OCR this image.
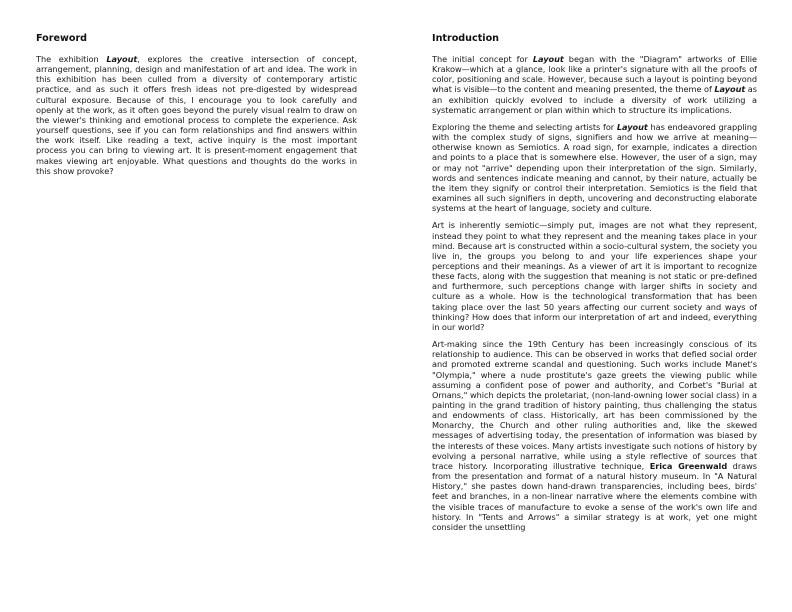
Foreword

The exhibition Layout, explores the creative intersection of concept, arrangement, planning, design and manifestation of art and idea. The work in this exhibition has been culled from a diversity of contemporary artistic practice, and as such it offers fresh ideas not pre-digested by widespread cultural exposure. Because of this, I encourage you to look carefully and openly at the work, as it often goes beyond the purely visual realm to draw on the viewer's thinking and emotional process to complete the experience. Ask yourself questions, see if you can form relationships and find answers within the work itself. Like reading a text, active inquiry is the most important process you can bring to viewing art. It is present-moment engagement that makes viewing art enjoyable. What questions and thoughts do the works in this show provoke?

Introduction

The initial concept for Layout began with the "Diagram" artworks of Ellie Krakow—which at a glance, look like a printer's signature with all the proofs of color, positioning and scale. However, because such a layout is pointing beyond what is visible—to the content and meaning presented, the theme of Layout as an exhibition quickly evolved to include a diversity of work utilizing a systematic arrangement or plan within which to structure its implications.

Exploring the theme and selecting artists for Layout has endeavored grappling with the complex study of signs, signifiers and how we arrive at meaning—otherwise known as Semiotics. A road sign, for example, indicates a direction and points to a place that is somewhere else. However, the user of a sign, may or may not "arrive" depending upon their interpretation of the sign. Similarly, words and sentences indicate meaning and cannot, by their nature, actually be the item they signify or control their interpretation. Semiotics is the field that examines all such signifiers in depth, uncovering and deconstructing elaborate systems at the heart of language, society and culture.

Art is inherently semiotic—simply put, images are not what they represent, instead they point to what they represent and the meaning takes place in your mind. Because art is constructed within a socio-cultural system, the society you live in, the groups you belong to and your life experiences shape your perceptions and their meanings. As a viewer of art it is important to recognize these facts, along with the suggestion that meaning is not static or pre-defined and furthermore, such perceptions change with larger shifts in society and culture as a whole. How is the technological transformation that has been taking place over the last 50 years affecting our current society and ways of thinking? How does that inform our interpretation of art and indeed, everything in our world?

Art-making since the 19th Century has been increasingly conscious of its relationship to audience. This can be observed in works that defied social order and promoted extreme scandal and questioning. Such works include Manet's "Olympia," where a nude prostitute's gaze greets the viewing public while assuming a confident pose of power and authority, and Corbet's "Burial at Ornans," which depicts the proletariat, (non-land-owning lower social class) in a painting in the grand tradition of history painting, thus challenging the status and endowments of class. Historically, art has been commissioned by the Monarchy, the Church and other ruling authorities and, like the skewed messages of advertising today, the presentation of information was biased by the interests of these voices. Many artists investigate such notions of history by evolving a personal narrative, while using a style reflective of sources that trace history. Incorporating illustrative technique, Erica Greenwald draws from the presentation and format of a natural history museum. In "A Natural History," she pastes down hand-drawn transparencies, including bees, birds' feet and branches, in a non-linear narrative where the elements combine with the visible traces of manufacture to evoke a sense of the work's own life and history. In "Tents and Arrows" a similar strategy is at work, yet one might consider the unsettling
